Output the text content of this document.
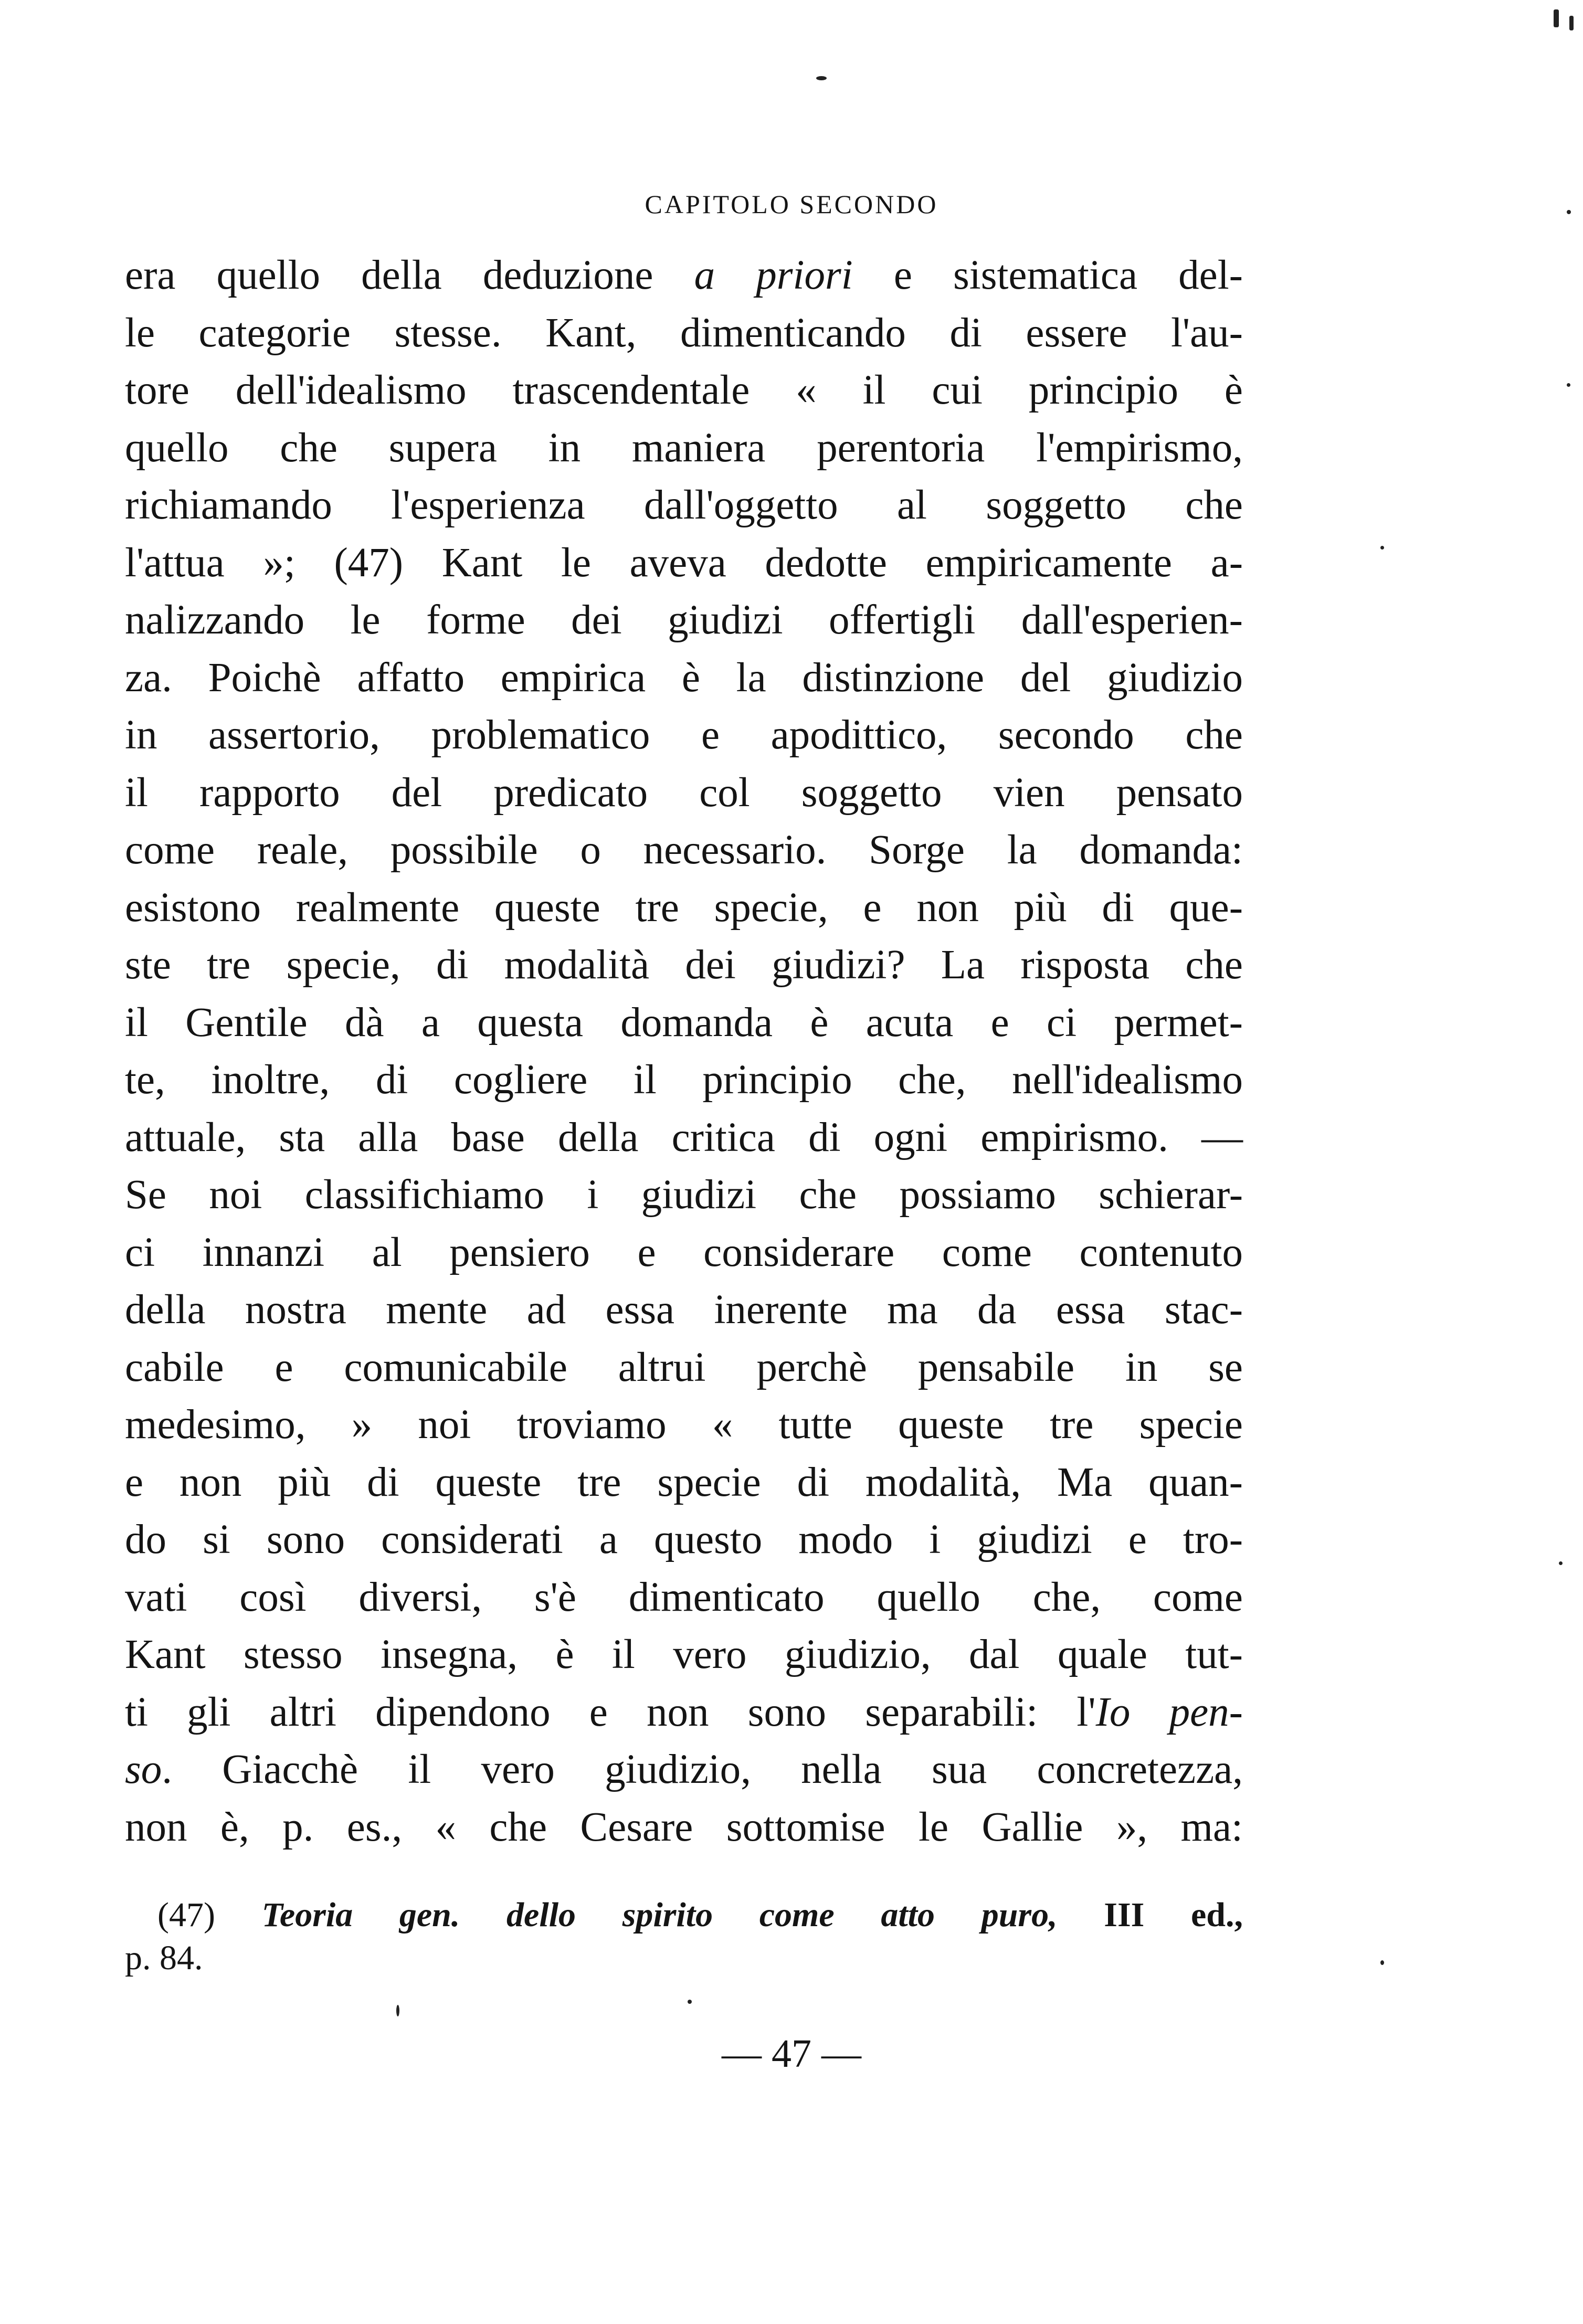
CAPITOLO SECONDO
era quello della deduzione a priori e sistematica del-
le categorie stesse. Kant, dimenticando di essere l'au-
tore dell'idealismo trascendentale « il cui principio è
quello che supera in maniera perentoria l'empirismo,
richiamando l'esperienza dall'oggetto al soggetto che
l'attua »; (47) Kant le aveva dedotte empiricamente a-
nalizzando le forme dei giudizi offertigli dall'esperien-
za. Poichè affatto empirica è la distinzione del giudizio
in assertorio, problematico e apodittico, secondo che
il rapporto del predicato col soggetto vien pensato
come reale, possibile o necessario. Sorge la domanda:
esistono realmente queste tre specie, e non più di que-
ste tre specie, di modalità dei giudizi? La risposta che
il Gentile dà a questa domanda è acuta e ci permet-
te, inoltre, di cogliere il principio che, nell'idealismo
attuale, sta alla base della critica di ogni empirismo. —
Se noi classifichiamo i giudizi che possiamo schierar-
ci innanzi al pensiero e considerare come contenuto
della nostra mente ad essa inerente ma da essa stac-
cabile e comunicabile altrui perchè pensabile in se
medesimo, » noi troviamo « tutte queste tre specie
e non più di queste tre specie di modalità, Ma quan-
do si sono considerati a questo modo i giudizi e tro-
vati così diversi, s'è dimenticato quello che, come
Kant stesso insegna, è il vero giudizio, dal quale tut-
ti gli altri dipendono e non sono separabili: l'Io pen-
so. Giacchè il vero giudizio, nella sua concretezza,
non è, p. es., « che Cesare sottomise le Gallie », ma:
(47) Teoria gen. dello spirito come atto puro, III ed.,
p. 84.
— 47 —
